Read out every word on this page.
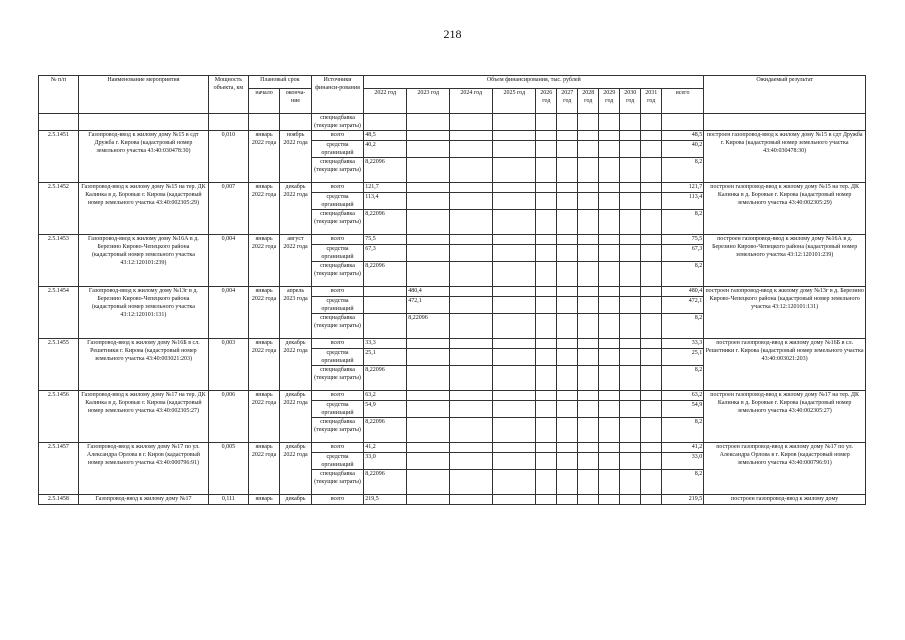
218
№ п/п	Наименование мероприятия	Мощность объекта, км	Плановый срок		Источники финанси-рования	Объем финансирования, тыс. рублей											Ожидаемый результат
			начало	оконча-ние		2022 год	2023 год	2024 год	2025 год	2026 год	2027 год	2028 год	2029 год	2030 год	2031 год	всего	
					спецнадбавка (текущие затраты)												
2.5.1451	Газопровод-ввод к жилому дому №15 в сдт Дружба г. Кирова (кадастровый номер земельного участка 43:40:030478:30)	0,010	январь 2022 года	ноябрь 2022 года	всего	48,5										48,5	построен газопровод-ввод к жилому дому №15 в сдт Дружба г. Кирова (кадастровый номер земельного участка 43:40:030478:30)
					средства организаций	40,2										40,2	
					спецнадбавка (текущие затраты)	8,22096										8,2	
2.5.1452	Газопровод-ввод к жилому дому №15 на тер. ДК Калинка в д. Боровые г. Кирова (кадастровый номер земельного участка 43:40:002305:29)	0,007	январь 2022 года	декабрь 2022 года	всего	121,7										121,7	построен газопровод-ввод к жилому дому №15 на тер. ДК Калинка в д. Боровые г. Кирова (кадастровый номер земельного участка 43:40:002305:29)
					средства организаций	113,4										113,4	
					спецнадбавка (текущие затраты)	8,22096										8,2	
2.5.1453	Газопровод-ввод к жилому дому №16А в д. Березино Кирово-Чепецкого района (кадастровый номер земельного участка 43:12:120101:239)	0,004	январь 2022 года	август 2022 года	всего	75,5										75,5	построен газопровод-ввод к жилому дому №16А в д. Березино Кирово-Чепецкого района (кадастровый номер земельного участка 43:12:120101:239)
					средства организаций	67,3										67,3	
					спецнадбавка (текущие затраты)	8,22096										8,2	
2.5.1454	Газопровод-ввод к жилому дому №13г в д. Березино Кирово-Чепецкого района (кадастровый номер земельного участка 43:12:120101:131)	0,004	январь 2022 года	апрель 2023 года	всего		480,4									480,4	построен газопровод-ввод к жилому дому №13г в д. Березино Кирово-Чепецкого района (кадастровый номер земельного участка 43:12:120101:131)
					средства организаций		472,1									472,1	
					спецнадбавка (текущие затраты)		8,22096									8,2	
2.5.1455	Газопровод-ввод к жилому дому №16Б в сл. Решетники г. Кирова (кадастровый номер земельного участка 43:40:003021:203)	0,003	январь 2022 года	декабрь 2022 года	всего	33,3										33,3	построен газопровод-ввод к жилому дому №16Б в сл. Решетники г. Кирова (кадастровый номер земельного участка 43:40:003021:203)
					средства организаций	25,1										25,1	
					спецнадбавка (текущие затраты)	8,22096										8,2	
2.5.1456	Газопровод-ввод к жилому дому №17 на тер. ДК Калинка в д. Боровые г. Кирова (кадастровый номер земельного участка 43:40:002305:27)	0,006	январь 2022 года	декабрь 2022 года	всего	63,2										63,2	построен газопровод-ввод к жилому дому №17 на тер. ДК Калинка в д. Боровые г. Кирова (кадастровый номер земельного участка 43:40:002305:27)
					средства организаций	54,9										54,9	
					спецнадбавка (текущие затраты)	8,22096										8,2	
2.5.1457	Газопровод-ввод к жилому дому №17 по ул. Александра Орлова в г. Киров (кадастровый номер земельного участка 43:40:000796:91)	0,005	январь 2022 года	декабрь 2022 года	всего	41,2										41,2	построен газопровод-ввод к жилому дому №17 по ул. Александра Орлова в г. Киров (кадастровый номер земельного участка 43:40:000796:91)
					средства организаций	33,0										33,0	
					спецнадбавка (текущие затраты)	8,22096										8,2	
2.5.1458	Газопровод-ввод к жилому дому №17	0,111	январь	декабрь	всего	219,5										219,5	построен газопровод-ввод к жилому дому
